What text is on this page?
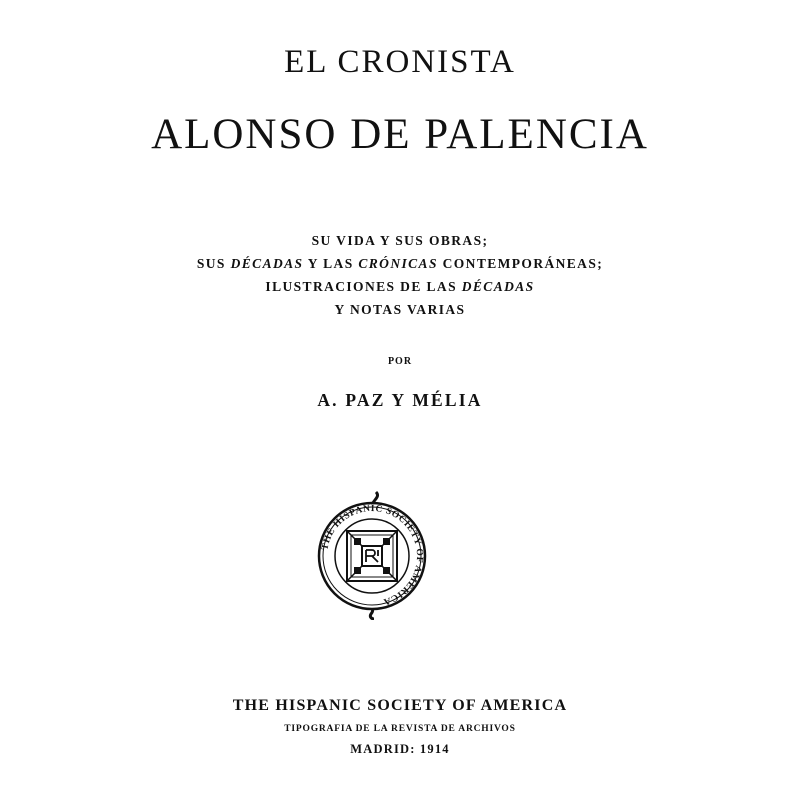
EL CRONISTA
ALONSO DE PALENCIA
SU VIDA Y SUS OBRAS;
SUS DÉCADAS Y LAS CRÓNICAS CONTEMPORÁNEAS;
ILUSTRACIONES DE LAS DÉCADAS
Y NOTAS VARIAS
POR
A. PAZ Y MÉLIA
THE HISPANIC SOCIETY OF AMERICA
THE HISPANIC SOCIETY OF AMERICA
TIPOGRAFIA DE LA REVISTA DE ARCHIVOS
MADRID: 1914
